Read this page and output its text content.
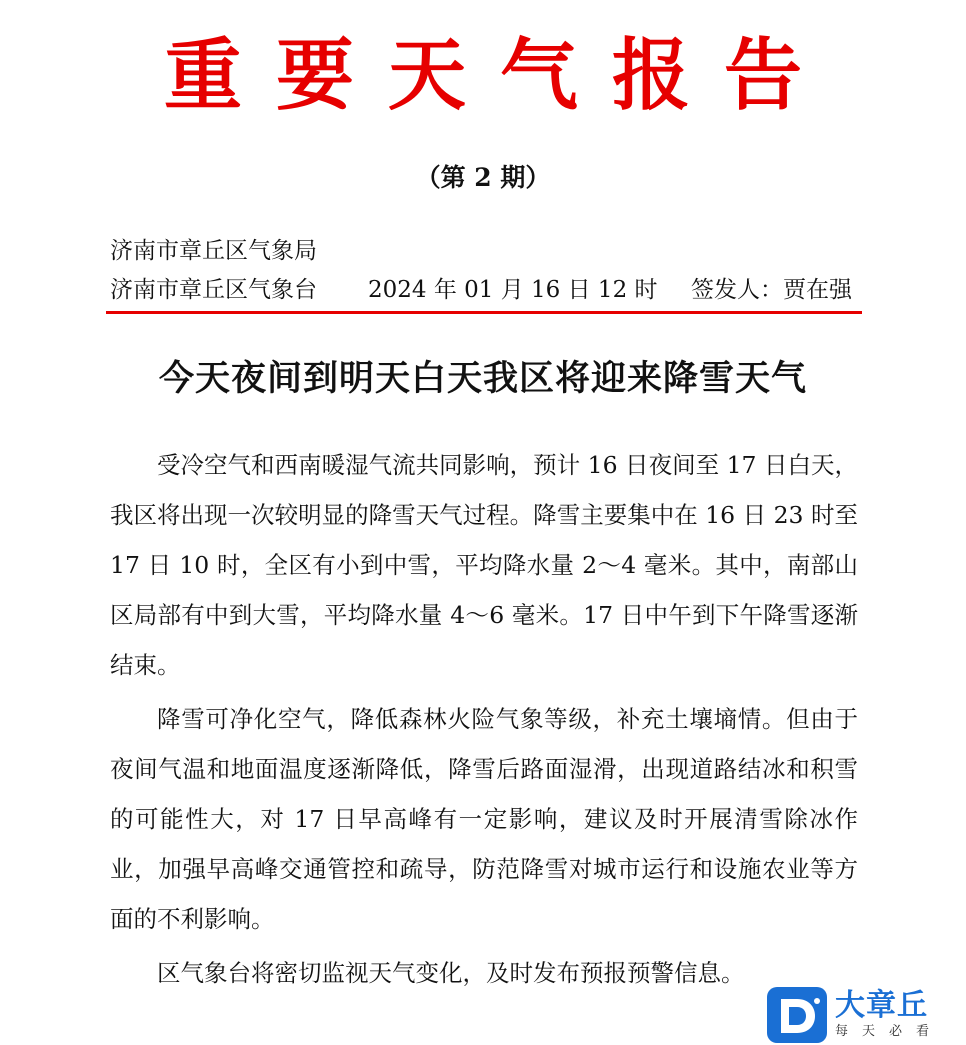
重要天气报告
（第 2 期）
济南市章丘区气象局
济南市章丘区气象台 2024 年 01 月 16 日 12 时 签发人：贾在强
今天夜间到明天白天我区将迎来降雪天气

受冷空气和西南暖湿气流共同影响，预计 16 日夜间至 17 日白天，我区将出现一次较明显的降雪天气过程。降雪主要集中在 16 日 23 时至 17 日 10 时，全区有小到中雪，平均降水量 2～4 毫米。其中，南部山区局部有中到大雪，平均降水量 4～6 毫米。17 日中午到下午降雪逐渐结束。

降雪可净化空气，降低森林火险气象等级，补充土壤墒情。但由于夜间气温和地面温度逐渐降低，降雪后路面湿滑，出现道路结冰和积雪的可能性大，对 17 日早高峰有一定影响，建议及时开展清雪除冰作业，加强早高峰交通管控和疏导，防范降雪对城市运行和设施农业等方面的不利影响。

区气象台将密切监视天气变化，及时发布预报预警信息。

大章丘
每天必看
